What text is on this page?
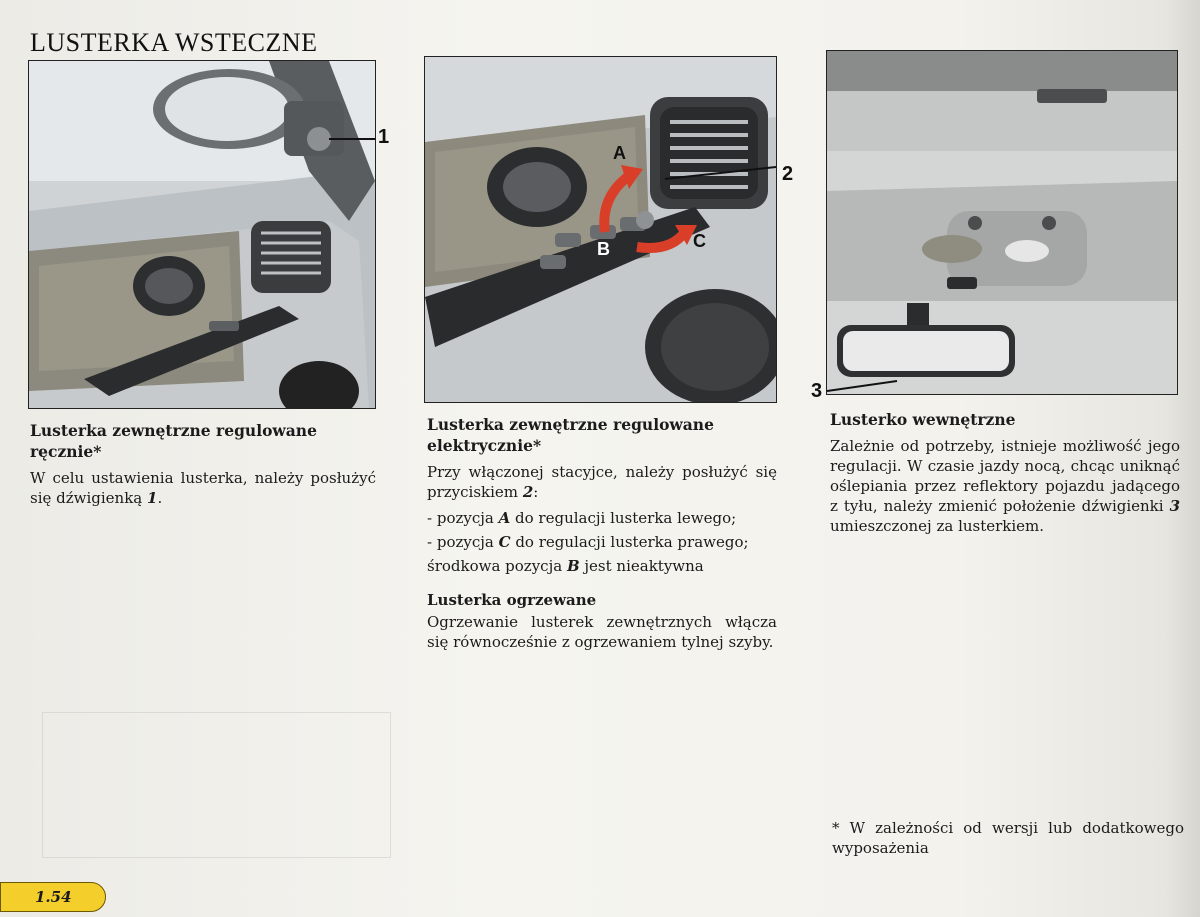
LUSTERKA WSTECZNE
1
A
B	C
2
3
Lusterka zewnętrzne regulowane ręcznie*

W celu ustawienia lusterka, należy posłużyć się dźwigienką 1.

Lusterka zewnętrzne regulowane elektrycznie*

Przy włączonej stacyjce, należy posłużyć się przyciskiem 2:

- pozycja A do regulacji lusterka lewego;

- pozycja C do regulacji lusterka prawego;

środkowa pozycja B jest nieaktywna

Lusterka ogrzewane

Ogrzewanie lusterek zewnętrznych włącza się równocześnie z ogrzewaniem tylnej szyby.

Lusterko wewnętrzne

Zależnie od potrzeby, istnieje możliwość jego regulacji. W czasie jazdy nocą, chcąc uniknąć oślepiania przez reflektory pojazdu jadącego z tyłu, należy zmienić położenie dźwigienki 3 umieszczonej za lusterkiem.

* W zależności od wersji lub dodatkowego wyposażenia
1.54
